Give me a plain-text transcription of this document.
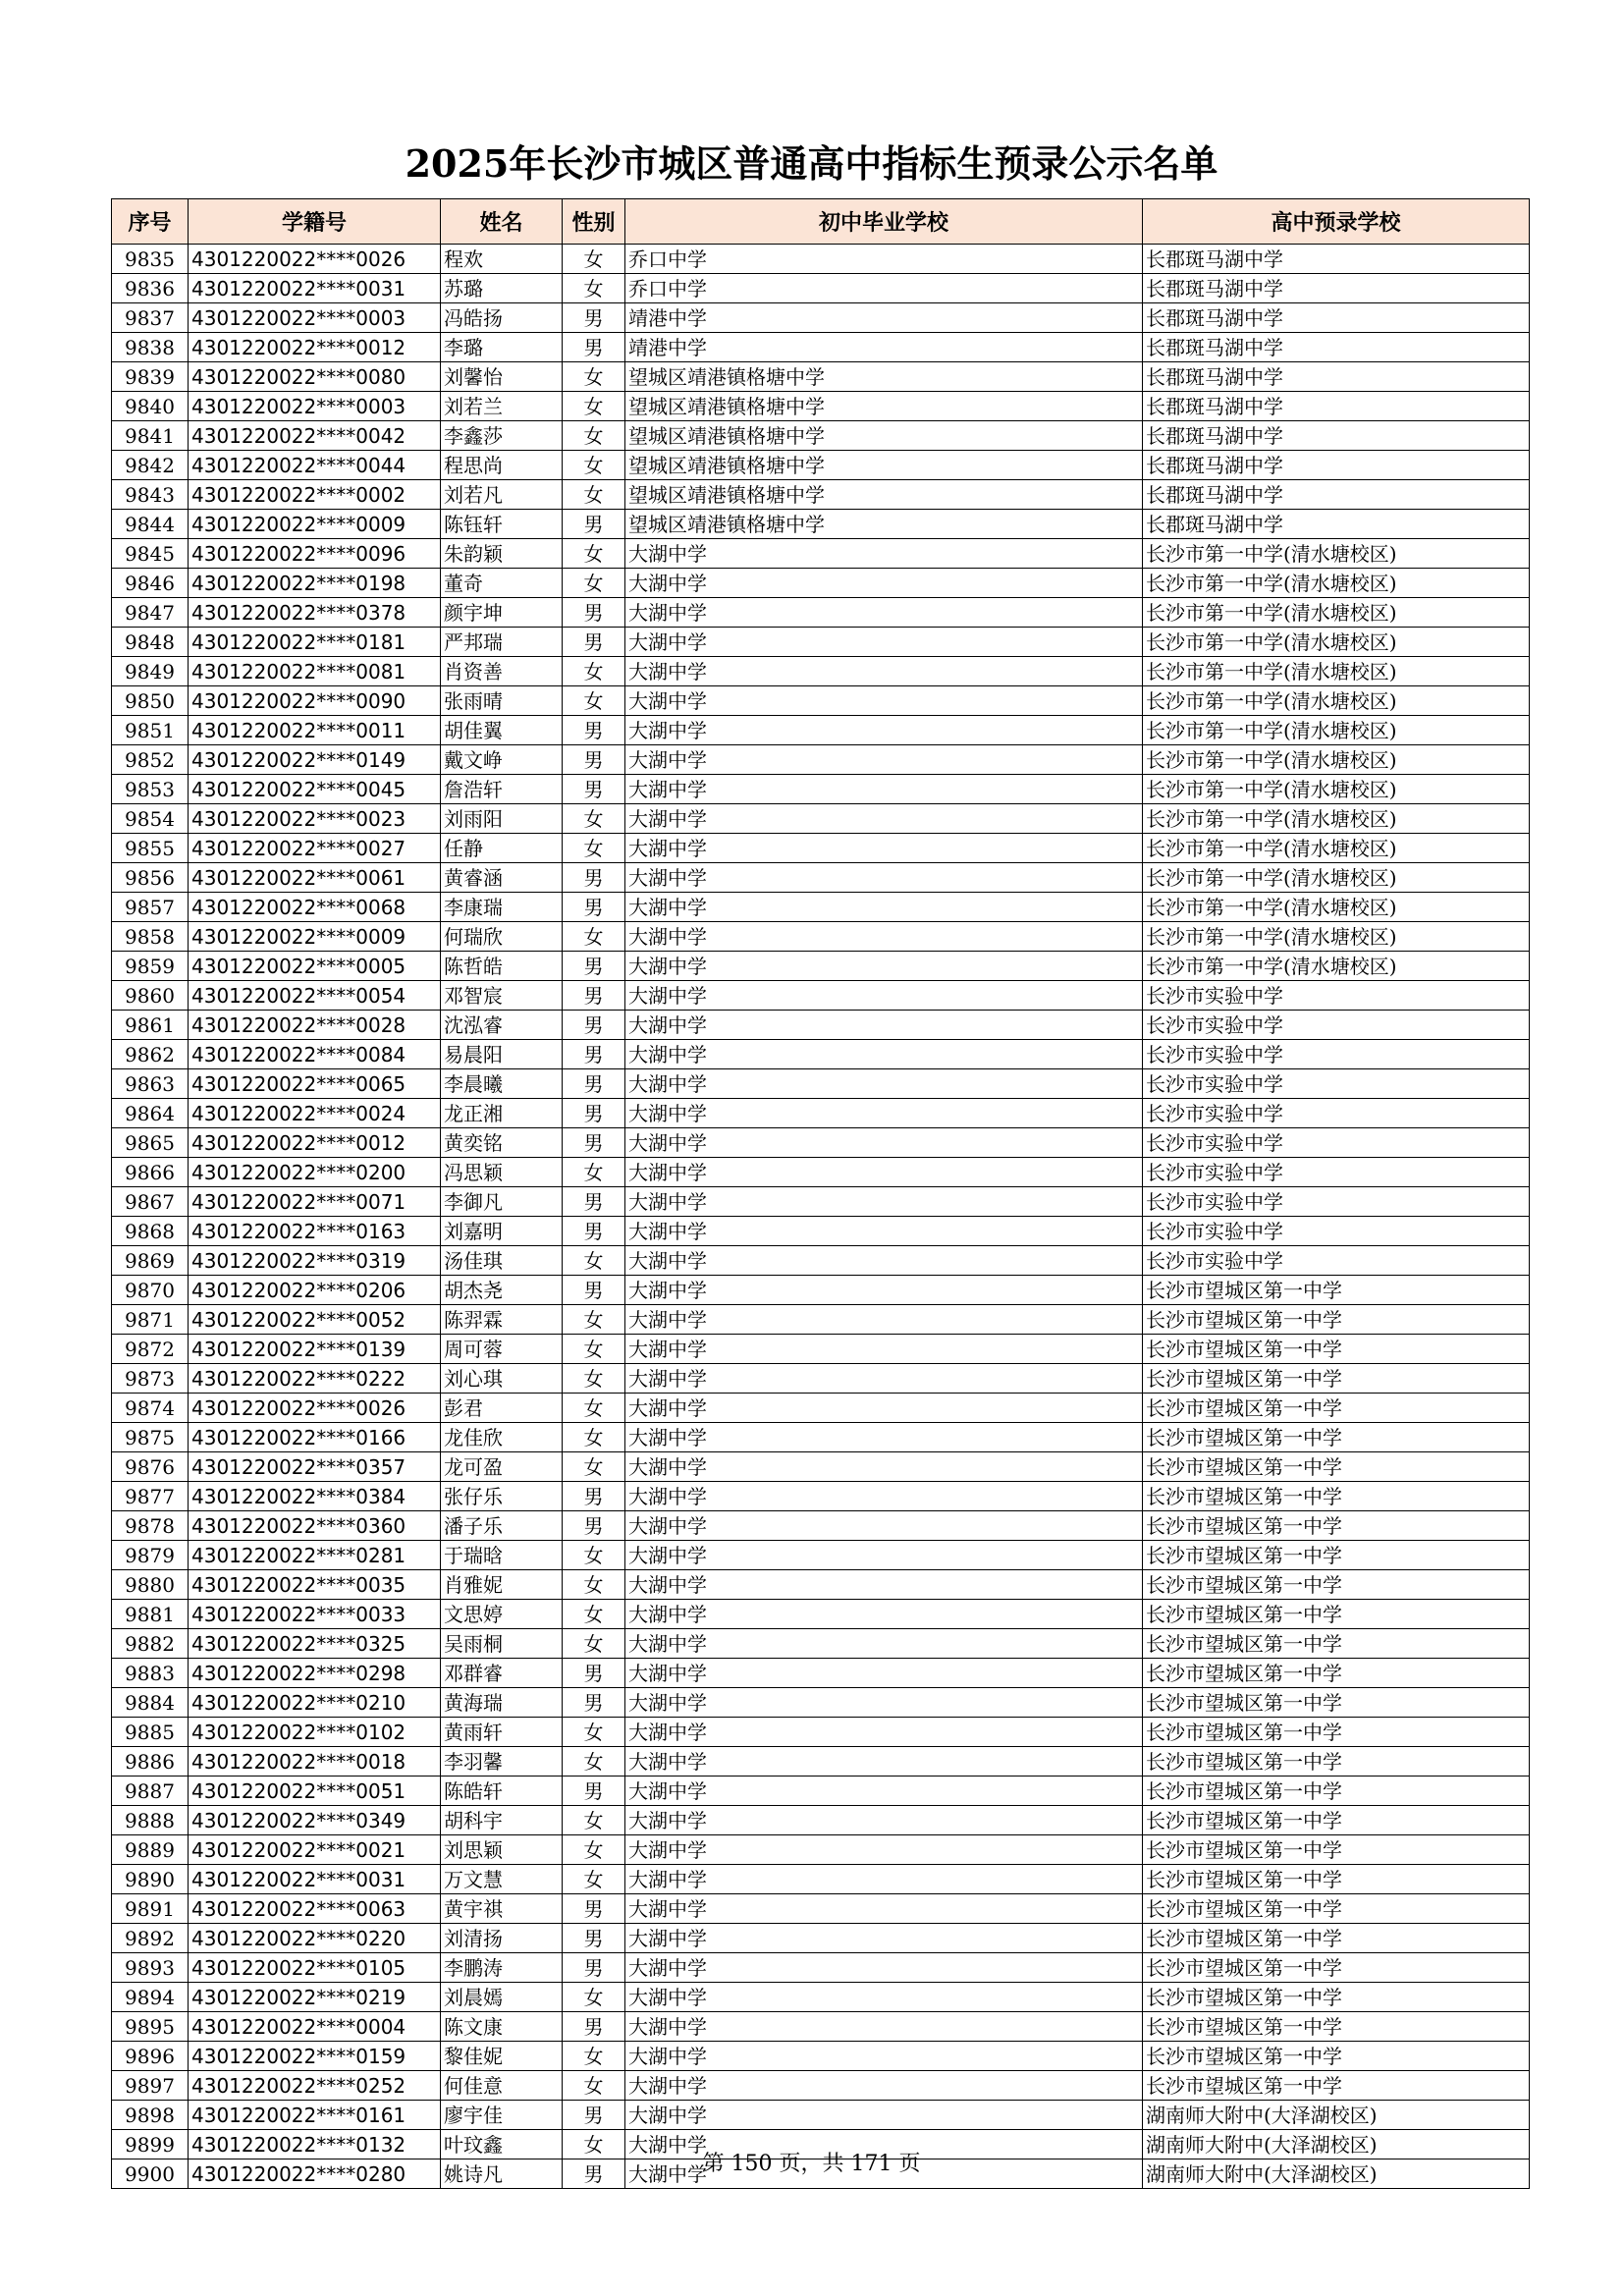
2025年长沙市城区普通高中指标生预录公示名单
序号	学籍号	姓名	性别	初中毕业学校	高中预录学校
9835	4301220022****0026	程欢	女	乔口中学	长郡斑马湖中学
9836	4301220022****0031	苏璐	女	乔口中学	长郡斑马湖中学
9837	4301220022****0003	冯皓扬	男	靖港中学	长郡斑马湖中学
9838	4301220022****0012	李璐	男	靖港中学	长郡斑马湖中学
9839	4301220022****0080	刘馨怡	女	望城区靖港镇格塘中学	长郡斑马湖中学
9840	4301220022****0003	刘若兰	女	望城区靖港镇格塘中学	长郡斑马湖中学
9841	4301220022****0042	李鑫莎	女	望城区靖港镇格塘中学	长郡斑马湖中学
9842	4301220022****0044	程思尚	女	望城区靖港镇格塘中学	长郡斑马湖中学
9843	4301220022****0002	刘若凡	女	望城区靖港镇格塘中学	长郡斑马湖中学
9844	4301220022****0009	陈钰轩	男	望城区靖港镇格塘中学	长郡斑马湖中学
9845	4301220022****0096	朱韵颖	女	大湖中学	长沙市第一中学(清水塘校区)
9846	4301220022****0198	董奇	女	大湖中学	长沙市第一中学(清水塘校区)
9847	4301220022****0378	颜宇坤	男	大湖中学	长沙市第一中学(清水塘校区)
9848	4301220022****0181	严邦瑞	男	大湖中学	长沙市第一中学(清水塘校区)
9849	4301220022****0081	肖资善	女	大湖中学	长沙市第一中学(清水塘校区)
9850	4301220022****0090	张雨晴	女	大湖中学	长沙市第一中学(清水塘校区)
9851	4301220022****0011	胡佳翼	男	大湖中学	长沙市第一中学(清水塘校区)
9852	4301220022****0149	戴文峥	男	大湖中学	长沙市第一中学(清水塘校区)
9853	4301220022****0045	詹浩轩	男	大湖中学	长沙市第一中学(清水塘校区)
9854	4301220022****0023	刘雨阳	女	大湖中学	长沙市第一中学(清水塘校区)
9855	4301220022****0027	任静	女	大湖中学	长沙市第一中学(清水塘校区)
9856	4301220022****0061	黄睿涵	男	大湖中学	长沙市第一中学(清水塘校区)
9857	4301220022****0068	李康瑞	男	大湖中学	长沙市第一中学(清水塘校区)
9858	4301220022****0009	何瑞欣	女	大湖中学	长沙市第一中学(清水塘校区)
9859	4301220022****0005	陈哲皓	男	大湖中学	长沙市第一中学(清水塘校区)
9860	4301220022****0054	邓智宸	男	大湖中学	长沙市实验中学
9861	4301220022****0028	沈泓睿	男	大湖中学	长沙市实验中学
9862	4301220022****0084	易晨阳	男	大湖中学	长沙市实验中学
9863	4301220022****0065	李晨曦	男	大湖中学	长沙市实验中学
9864	4301220022****0024	龙正湘	男	大湖中学	长沙市实验中学
9865	4301220022****0012	黄奕铭	男	大湖中学	长沙市实验中学
9866	4301220022****0200	冯思颖	女	大湖中学	长沙市实验中学
9867	4301220022****0071	李御凡	男	大湖中学	长沙市实验中学
9868	4301220022****0163	刘嘉明	男	大湖中学	长沙市实验中学
9869	4301220022****0319	汤佳琪	女	大湖中学	长沙市实验中学
9870	4301220022****0206	胡杰尧	男	大湖中学	长沙市望城区第一中学
9871	4301220022****0052	陈羿霖	女	大湖中学	长沙市望城区第一中学
9872	4301220022****0139	周可蓉	女	大湖中学	长沙市望城区第一中学
9873	4301220022****0222	刘心琪	女	大湖中学	长沙市望城区第一中学
9874	4301220022****0026	彭君	女	大湖中学	长沙市望城区第一中学
9875	4301220022****0166	龙佳欣	女	大湖中学	长沙市望城区第一中学
9876	4301220022****0357	龙可盈	女	大湖中学	长沙市望城区第一中学
9877	4301220022****0384	张仔乐	男	大湖中学	长沙市望城区第一中学
9878	4301220022****0360	潘子乐	男	大湖中学	长沙市望城区第一中学
9879	4301220022****0281	于瑞晗	女	大湖中学	长沙市望城区第一中学
9880	4301220022****0035	肖雅妮	女	大湖中学	长沙市望城区第一中学
9881	4301220022****0033	文思婷	女	大湖中学	长沙市望城区第一中学
9882	4301220022****0325	吴雨桐	女	大湖中学	长沙市望城区第一中学
9883	4301220022****0298	邓群睿	男	大湖中学	长沙市望城区第一中学
9884	4301220022****0210	黄海瑞	男	大湖中学	长沙市望城区第一中学
9885	4301220022****0102	黄雨轩	女	大湖中学	长沙市望城区第一中学
9886	4301220022****0018	李羽馨	女	大湖中学	长沙市望城区第一中学
9887	4301220022****0051	陈皓轩	男	大湖中学	长沙市望城区第一中学
9888	4301220022****0349	胡科宇	女	大湖中学	长沙市望城区第一中学
9889	4301220022****0021	刘思颖	女	大湖中学	长沙市望城区第一中学
9890	4301220022****0031	万文慧	女	大湖中学	长沙市望城区第一中学
9891	4301220022****0063	黄宇祺	男	大湖中学	长沙市望城区第一中学
9892	4301220022****0220	刘清扬	男	大湖中学	长沙市望城区第一中学
9893	4301220022****0105	李鹏涛	男	大湖中学	长沙市望城区第一中学
9894	4301220022****0219	刘晨嫣	女	大湖中学	长沙市望城区第一中学
9895	4301220022****0004	陈文康	男	大湖中学	长沙市望城区第一中学
9896	4301220022****0159	黎佳妮	女	大湖中学	长沙市望城区第一中学
9897	4301220022****0252	何佳意	女	大湖中学	长沙市望城区第一中学
9898	4301220022****0161	廖宇佳	男	大湖中学	湖南师大附中(大泽湖校区)
9899	4301220022****0132	叶玟鑫	女	大湖中学	湖南师大附中(大泽湖校区)
9900	4301220022****0280	姚诗凡	男	大湖中学	湖南师大附中(大泽湖校区)
第 150 页，共 171 页
